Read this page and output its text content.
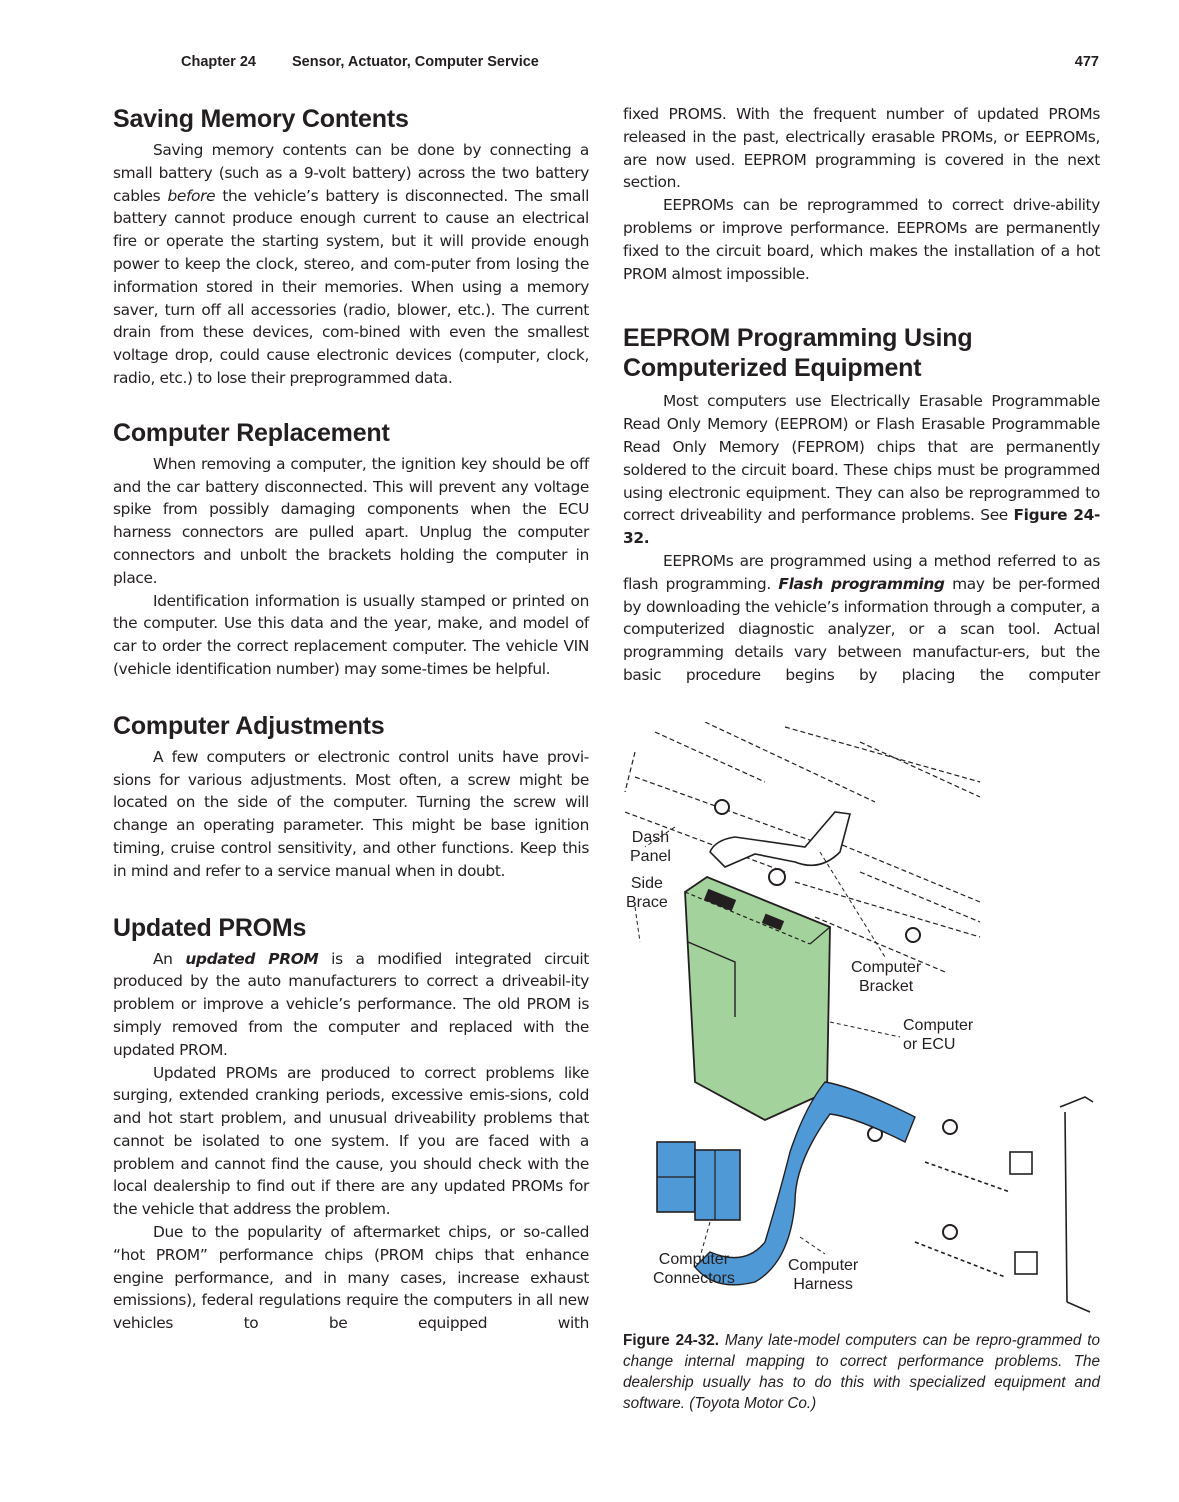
Chapter 24 Sensor, Actuator, Computer Service	477
Saving Memory Contents

Saving memory contents can be done by connecting a small battery (such as a 9-volt battery) across the two battery cables before the vehicle’s battery is disconnected. The small battery cannot produce enough current to cause an electrical fire or operate the starting system, but it will provide enough power to keep the clock, stereo, and com-puter from losing the information stored in their memories. When using a memory saver, turn off all accessories (radio, blower, etc.). The current drain from these devices, com-bined with even the smallest voltage drop, could cause electronic devices (computer, clock, radio, etc.) to lose their preprogrammed data.

Computer Replacement

When removing a computer, the ignition key should be off and the car battery disconnected. This will prevent any voltage spike from possibly damaging components when the ECU harness connectors are pulled apart. Unplug the computer connectors and unbolt the brackets holding the computer in place.

Identification information is usually stamped or printed on the computer. Use this data and the year, make, and model of car to order the correct replacement computer. The vehicle VIN (vehicle identification number) may some-times be helpful.

Computer Adjustments

A few computers or electronic control units have provi-sions for various adjustments. Most often, a screw might be located on the side of the computer. Turning the screw will change an operating parameter. This might be base ignition timing, cruise control sensitivity, and other functions. Keep this in mind and refer to a service manual when in doubt.

Updated PROMs

An updated PROM is a modified integrated circuit produced by the auto manufacturers to correct a driveabil-ity problem or improve a vehicle’s performance. The old PROM is simply removed from the computer and replaced with the updated PROM.

Updated PROMs are produced to correct problems like surging, extended cranking periods, excessive emis-sions, cold and hot start problem, and unusual driveability problems that cannot be isolated to one system. If you are faced with a problem and cannot find the cause, you should check with the local dealership to find out if there are any updated PROMs for the vehicle that address the problem.

Due to the popularity of aftermarket chips, or so-called “hot PROM” performance chips (PROM chips that enhance engine performance, and in many cases, increase exhaust emissions), federal regulations require the computers in all new vehicles to be equipped with

fixed PROMS. With the frequent number of updated PROMs released in the past, electrically erasable PROMs, or EEPROMs, are now used. EEPROM programming is covered in the next section.

EEPROMs can be reprogrammed to correct drive-ability problems or improve performance. EEPROMs are permanently fixed to the circuit board, which makes the installation of a hot PROM almost impossible.

EEPROM Programming Using
Computerized Equipment

Most computers use Electrically Erasable Programmable Read Only Memory (EEPROM) or Flash Erasable Programmable Read Only Memory (FEPROM) chips that are permanently soldered to the circuit board. These chips must be programmed using electronic equipment. They can also be reprogrammed to correct driveability and performance problems. See Figure 24-32.

EEPROMs are programmed using a method referred to as flash programming. Flash programming may be per-formed by downloading the vehicle’s information through a computer, a computerized diagnostic analyzer, or a scan tool. Actual programming details vary between manufactur-ers, but the basic procedure begins by placing the computer

Dash
Panel
Side
Brace
Computer
Bracket
Computer
or ECU
Computer
Connectors
Computer
Harness
Figure 24-32. Many late-model computers can be repro-grammed to change internal mapping to correct performance problems. The dealership usually has to do this with specialized equipment and software. (Toyota Motor Co.)
